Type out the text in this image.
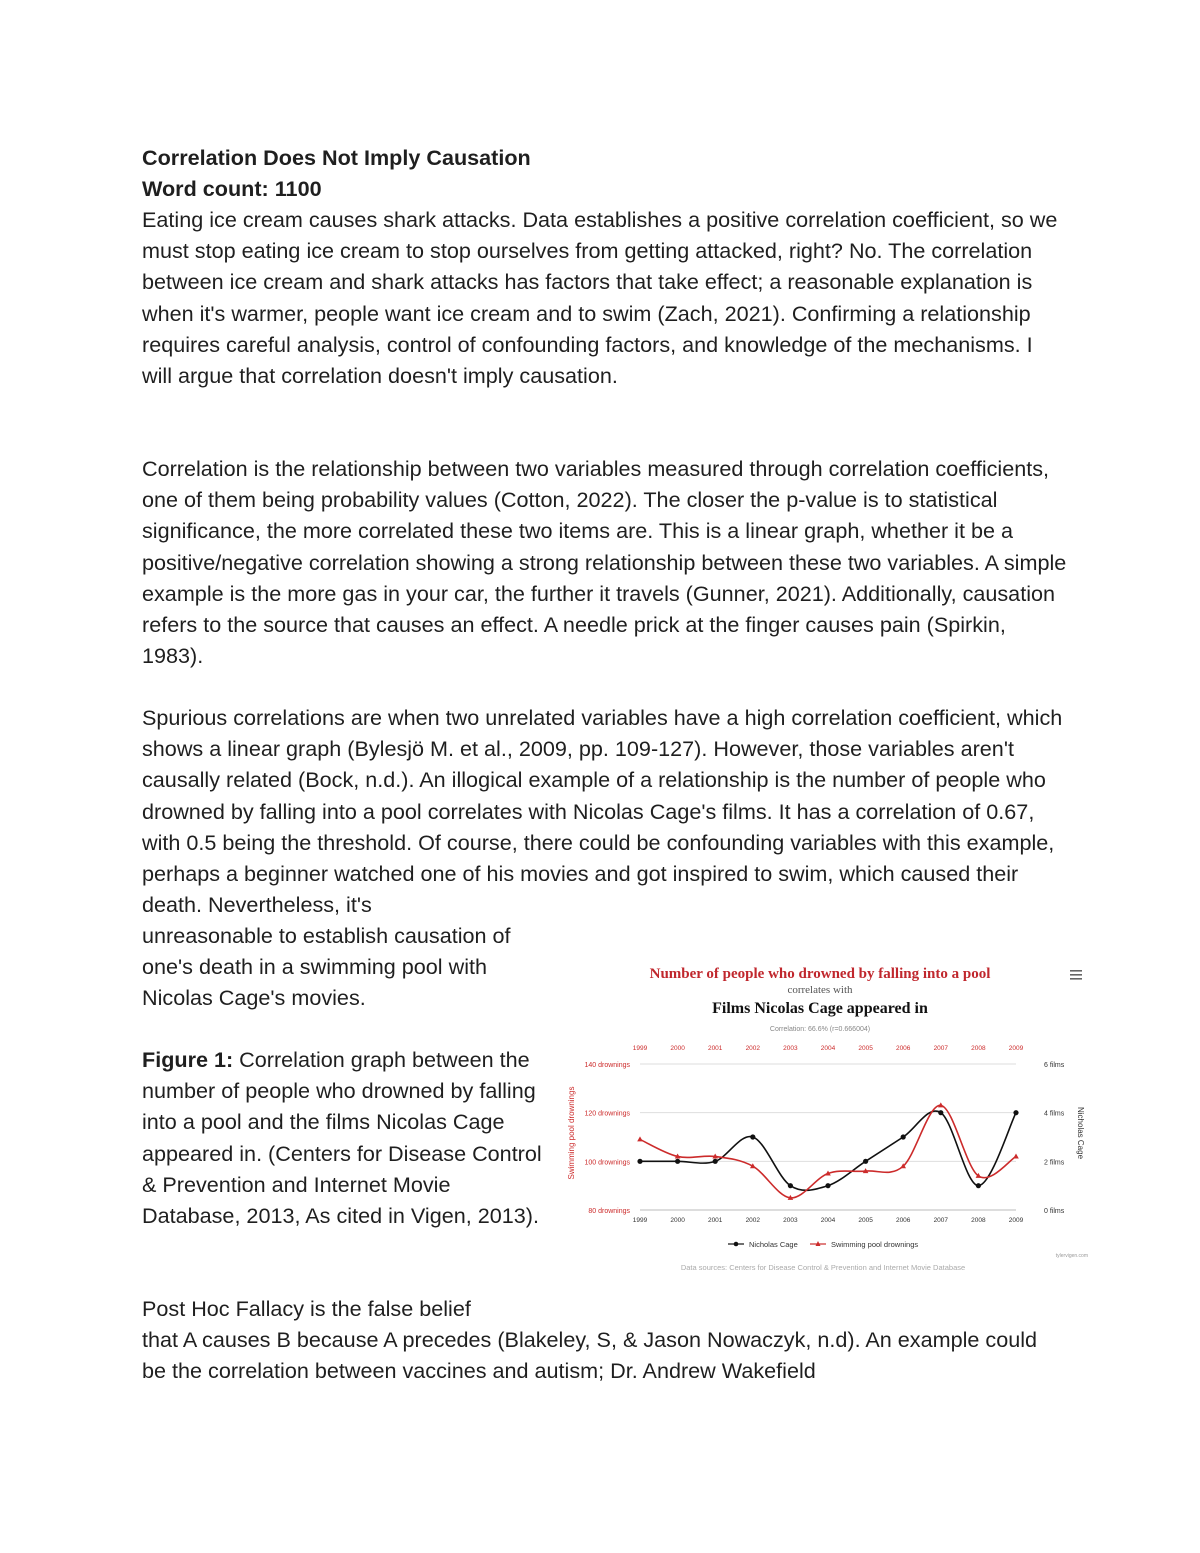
Correlation Does Not Imply Causation
Word count: 1100

Eating ice cream causes shark attacks. Data establishes a positive correlation coefficient, so we must stop eating ice cream to stop ourselves from getting attacked, right? No. The correlation between ice cream and shark attacks has factors that take effect; a reasonable explanation is when it's warmer, people want ice cream and to swim (Zach, 2021). Confirming a relationship requires careful analysis, control of confounding factors, and knowledge of the mechanisms. I will argue that correlation doesn't imply causation.

Correlation is the relationship between two variables measured through correlation coefficients, one of them being probability values (Cotton, 2022). The closer the p-value is to statistical significance, the more correlated these two items are. This is a linear graph, whether it be a positive/negative correlation showing a strong relationship between these two variables. A simple example is the more gas in your car, the further it travels (Gunner, 2021). Additionally, causation refers to the source that causes an effect. A needle prick at the finger causes pain (Spirkin, 1983).

Spurious correlations are when two unrelated variables have a high correlation coefficient, which shows a linear graph (Bylesjö M. et al., 2009, pp. 109-127). However, those variables aren't causally related (Bock, n.d.). An illogical example of a relationship is the number of people who drowned by falling into a pool correlates with Nicolas Cage's films. It has a correlation of 0.67, with 0.5 being the threshold. Of course, there could be confounding variables with this example, perhaps a beginner watched one of his movies and got inspired to swim, which caused their death. Nevertheless, it's

unreasonable to establish causation of one's death in a swimming pool with Nicolas Cage's movies.

Figure 1: Correlation graph between the number of people who drowned by falling into a pool and the films Nicolas Cage appeared in. (Centers for Disease Control & Prevention and Internet Movie Database, 2013, As cited in Vigen, 2013).

Post Hoc Fallacy is the false belief
that A causes B because A precedes (Blakeley, S, & Jason Nowaczyk, n.d). An example could be the correlation between vaccines and autism; Dr. Andrew Wakefield
Number of people who drowned by falling into a pool
correlates with
Films Nicolas Cage appeared in
Correlation: 66.6% (r=0.666004)
140 drownings	6 films
120 drownings	4 films
100 drownings	2 films
80 drownings	0 films
1999
1999
2000
2000
2001
2001
2002
2002
2003
2003
2004
2004
2005
2005
2006
2006
2007
2007
2008
2008
2009
2009
Swimming pool drownings	Nicholas Cage
Nicholas Cage	Swimming pool drownings
Data sources: Centers for Disease Control & Prevention and Internet Movie Database
tylervigen.com
